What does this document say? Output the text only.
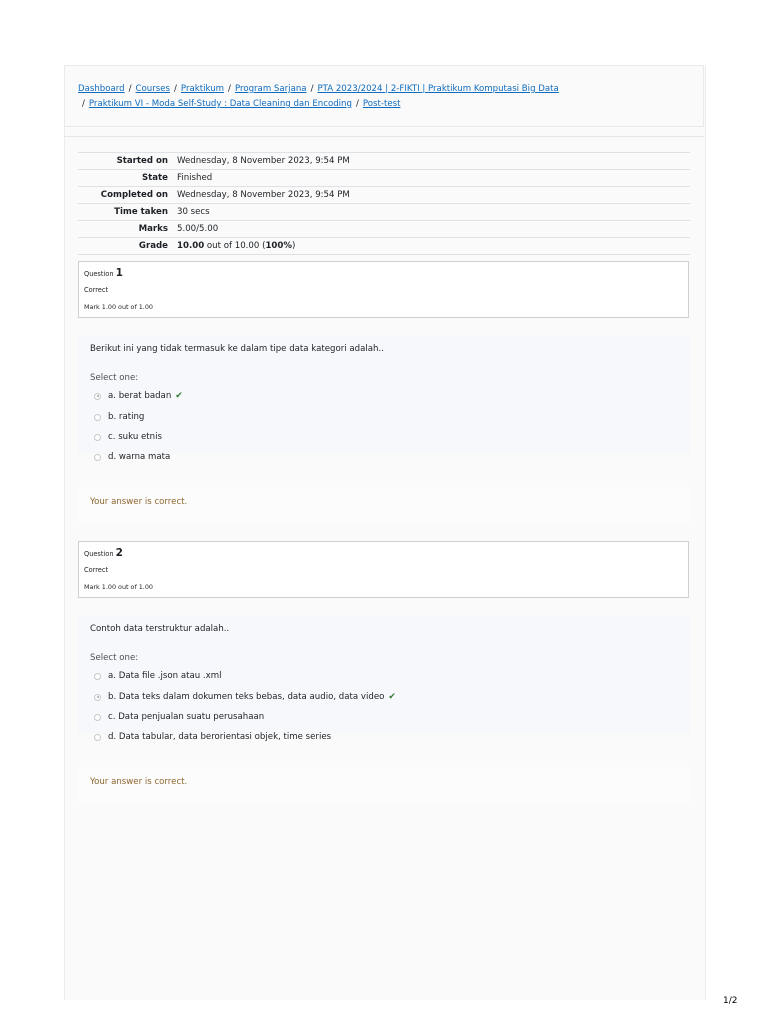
Dashboard / Courses / Praktikum / Program Sarjana / PTA 2023/2024 | 2-FIKTI | Praktikum Komputasi Big Data
/ Praktikum VI - Moda Self-Study : Data Cleaning dan Encoding / Post-test
Started on	Wednesday, 8 November 2023, 9:54 PM
State	Finished
Completed on	Wednesday, 8 November 2023, 9:54 PM
Time taken	30 secs
Marks	5.00/5.00
Grade	10.00 out of 10.00 (100%)
Question 1
Correct
Mark 1.00 out of 1.00
Berikut ini yang tidak termasuk ke dalam tipe data kategori adalah..
Select one:
a. berat badan ✔
b. rating
c. suku etnis
d. warna mata
Your answer is correct.
Question 2
Correct
Mark 1.00 out of 1.00
Contoh data terstruktur adalah..
Select one:
a. Data file .json atau .xml
b. Data teks dalam dokumen teks bebas, data audio, data video ✔
c. Data penjualan suatu perusahaan
d. Data tabular, data berorientasi objek, time series
Your answer is correct.
1/2
